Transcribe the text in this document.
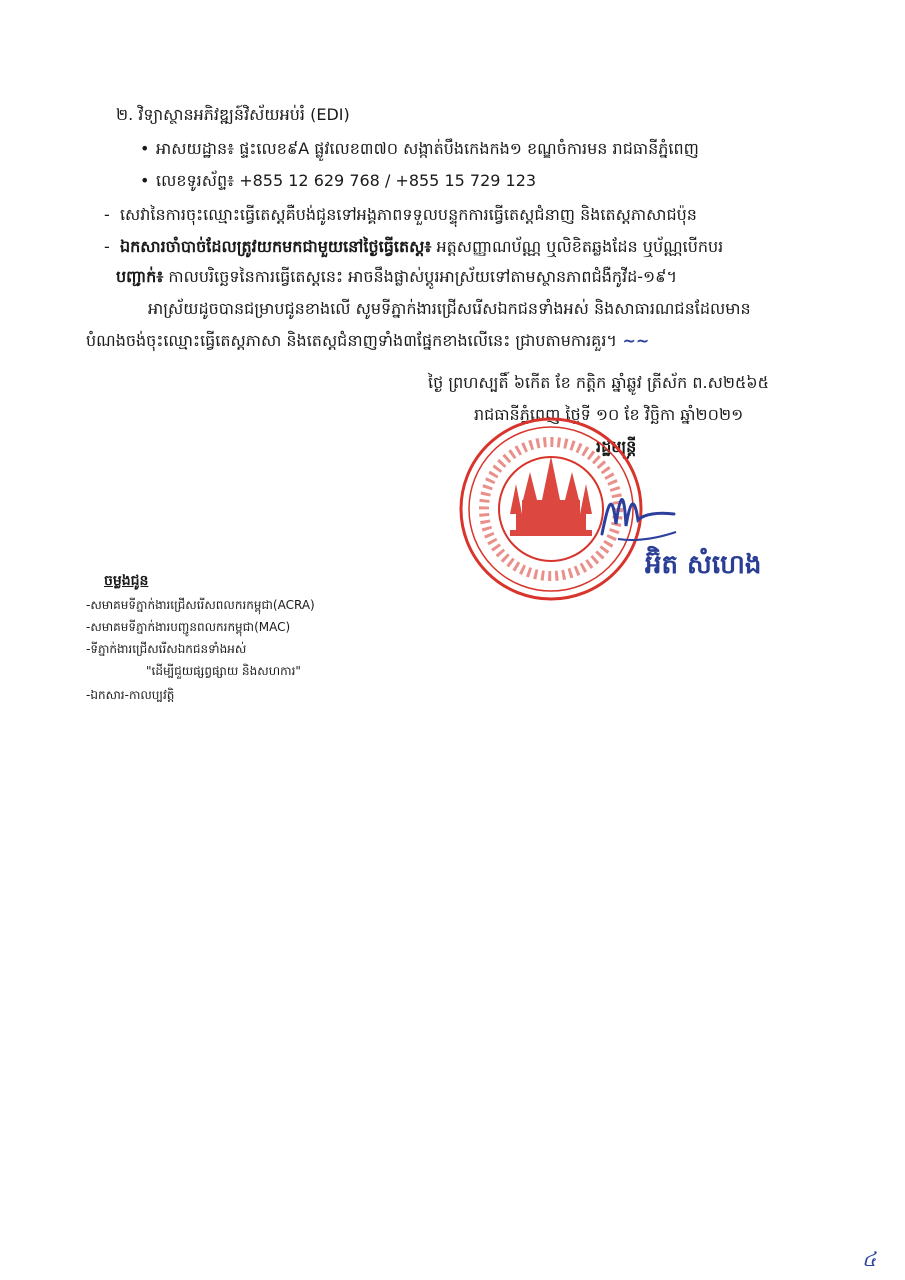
២. វិទ្យាស្ថានអភិវឌ្ឍន៍វិស័យអប់រំ (EDI)
• អាសយដ្ឋាន៖ ផ្ទះលេខ៩A ផ្លូវលេខ៣៧០ សង្កាត់បឹងកេងកង១ ខណ្ឌចំការមន រាជធានីភ្នំពេញ
• លេខទូរស័ព្ទ៖ +855 12 629 768 / +855 15 729 123
-  សេវានៃការចុះឈ្មោះធ្វើតេស្តគឺបង់ជូនទៅអង្គភាពទទួលបន្ទុកការធ្វើតេស្តជំនាញ និងតេស្តភាសាជប៉ុន
-  ឯកសារចាំបាច់ដែលត្រូវយកមកជាមួយនៅថ្ងៃធ្វើតេស្ត៖ អត្តសញ្ញាណប័ណ្ណ ឬលិខិតឆ្លងដែន ឬប័ណ្ណបើកបរ
បញ្ជាក់៖ កាលបរិច្ឆេទនៃការធ្វើតេស្តនេះ អាចនឹងផ្លាស់ប្តូរអាស្រ័យទៅតាមស្ថានភាពជំងឺកូវីដ-១៩។
អាស្រ័យដូចបានជម្រាបជូនខាងលើ សូមទីភ្នាក់ងារជ្រើសរើសឯកជនទាំងអស់ និងសាធារណជនដែលមាន
បំណងចង់ចុះឈ្មោះធ្វើតេស្តភាសា និងតេស្តជំនាញទាំង៣ផ្នែកខាងលើនេះ ជ្រាបតាមការគួរ។ ~~
ថ្ងៃ ព្រហស្បតិ៍ ៦កើត ខែ កត្តិក ឆ្នាំឆ្លូវ ត្រីស័ក ព.ស២៥៦៥
រាជធានីភ្នំពេញ ថ្ងៃទី ១០ ខែ វិច្ឆិកា ឆ្នាំ២០២១
រដ្ឋមន្ត្រី
អ៊ិត សំហេង
ចម្លងជូន
-សមាគមទីភ្នាក់ងារជ្រើសរើសពលករកម្ពុជា(ACRA)
-សមាគមទីភ្នាក់ងារបញ្ជូនពលករកម្ពុជា(MAC)
-ទីភ្នាក់ងារជ្រើសរើសឯកជនទាំងអស់
"ដើម្បីជួយផ្សព្វផ្សាយ និងសហការ"
-ឯកសារ-កាលប្បវត្តិ
៤
